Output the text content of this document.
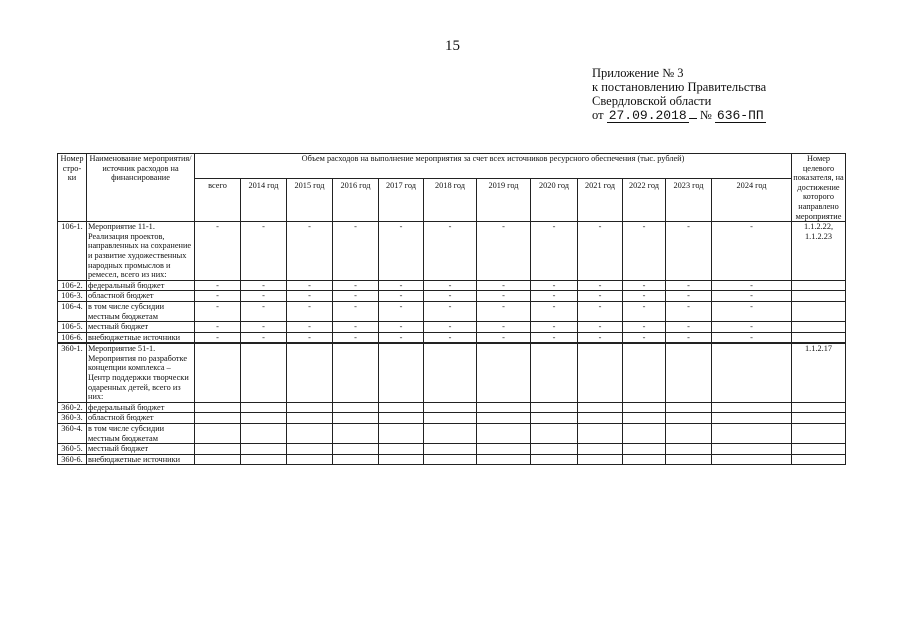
15
Приложение № 3
к постановлению Правительства
Свердловской области
от 27.09.2018 № 636-ПП
Номер стро-ки	Наименование мероприятия/ источник расходов на финансирование	Объем расходов на выполнение мероприятия за счет всех источников ресурсного обеспечения (тыс. рублей)												Номер целевого показателя, на достижение которого направлено мероприятие
		всего	2014 год	2015 год	2016 год	2017 год	2018 год	2019 год	2020 год	2021 год	2022 год	2023 год	2024 год	
106-1.	Мероприятие 11-1. Реализация проектов, направленных на сохранение и развитие художественных народных промыслов и ремесел, всего из них:	-	-	-	-	-	-	-	-	-	-	-	-	1.1.2.22, 1.1.2.23
106-2.	федеральный бюджет	-	-	-	-	-	-	-	-	-	-	-	-	
106-3.	областной бюджет	-	-	-	-	-	-	-	-	-	-	-	-	
106-4.	в том числе субсидии местным бюджетам	-	-	-	-	-	-	-	-	-	-	-	-	
106-5.	местный бюджет	-	-	-	-	-	-	-	-	-	-	-	-	
106-6.	внебюджетные источники	-	-	-	-	-	-	-	-	-	-	-	-	
360-1.	Мероприятие 51-1. Мероприятия по разработке концепции комплекса – Центр поддержки творчески одаренных детей, всего из них:													1.1.2.17
360-2.	федеральный бюджет													
360-3.	областной бюджет													
360-4.	в том числе субсидии местным бюджетам													
360-5.	местный бюджет													
360-6.	внебюджетные источники													
